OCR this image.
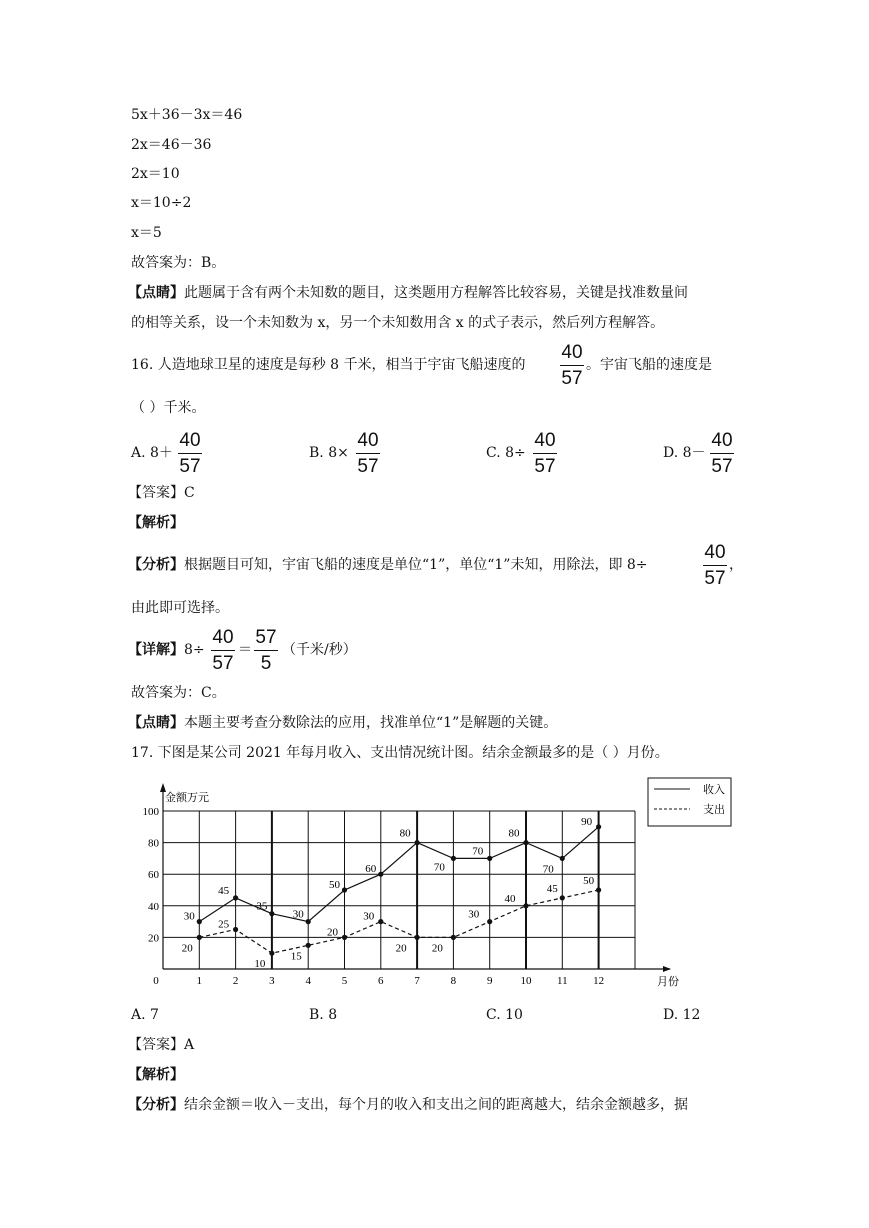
5x＋36－3x＝46
2x＝46－36
2x＝10
x＝10÷2
x＝5
故答案为：B。
【点睛】此题属于含有两个未知数的题目，这类题用方程解答比较容易，关键是找准数量间
的相等关系，设一个未知数为 x，另一个未知数用含 x 的式子表示，然后列方程解答。
16. 人造地球卫星的速度是每秒 8 千米，相当于宇宙飞船速度的
40
57
。宇宙飞船的速度是
（ ）千米。
A. 8＋
40
57
B. 8×
40
57
C. 8÷
40
57
D. 8－
40
57
【答案】C
【解析】
【分析】根据题目可知，宇宙飞船的速度是单位“1”，单位“1”未知，用除法，即 8÷
40
57
，
由此即可选择。
【详解】8÷
40
57
＝
57
5
（千米/秒）
故答案为：C。
【点睛】本题主要考查分数除法的应用，找准单位“1”是解题的关键。
17. 下图是某公司 2021 年每月收入、支出情况统计图。结余金额最多的是（ ）月份。
20
40
60
80
100
0	1	2	3	4	5	6	7	8	9	10 11 12
30
45
35
30
50
60
80
70
70
80
70
90
20
25
10
15
20
30
20 20
30
40
45
50
收入
支出
金额万元
月份
A. 7	B. 8	C. 10	D. 12
【答案】A
【解析】
【分析】结余金额＝收入－支出，每个月的收入和支出之间的距离越大，结余金额越多，据
